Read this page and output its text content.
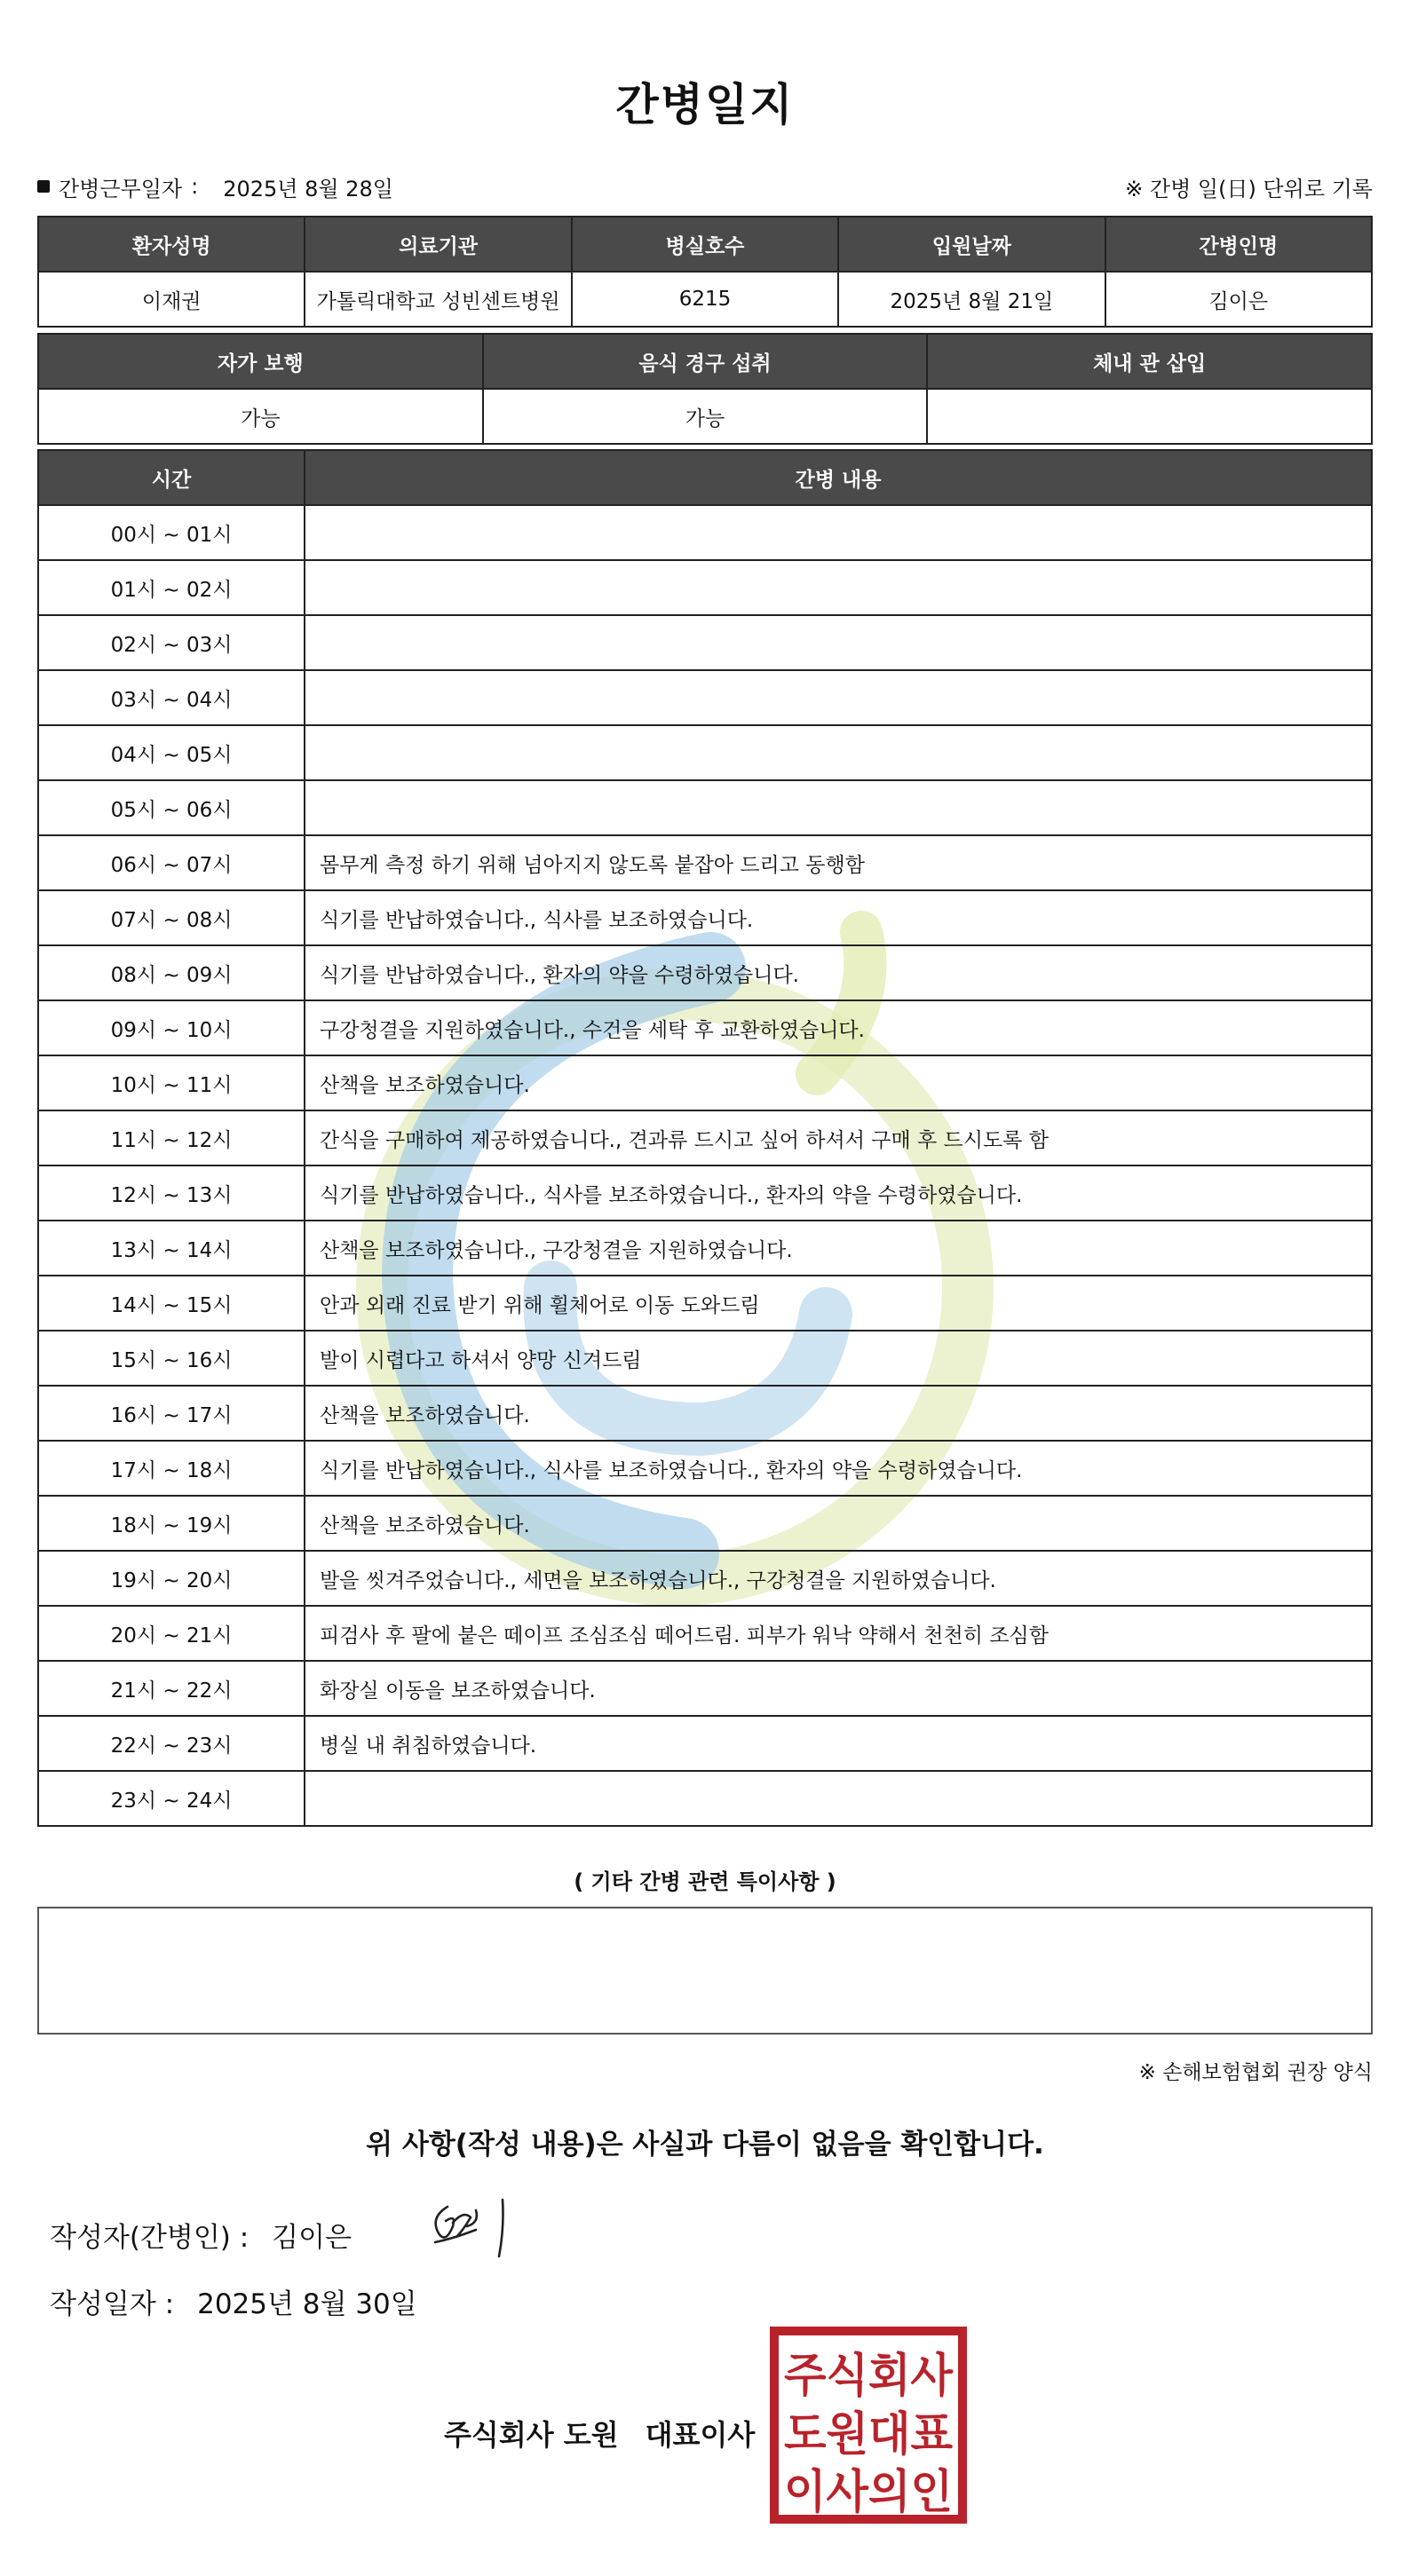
간병일지
간병근무일자 : 2025년 8월 28일	※ 간병 일(日) 단위로 기록
환자성명	의료기관	병실호수	입원날짜	간병인명
이재권	가톨릭대학교 성빈센트병원	6215	2025년 8월 21일	김이은
자가 보행	음식 경구 섭취	체내 관 삽입
가능	가능	
시간	간병 내용
00시 ~ 01시	
01시 ~ 02시	
02시 ~ 03시	
03시 ~ 04시	
04시 ~ 05시	
05시 ~ 06시	
06시 ~ 07시	몸무게 측정 하기 위해 넘아지지 않도록 붙잡아 드리고 동행함
07시 ~ 08시	식기를 반납하였습니다., 식사를 보조하였습니다.
08시 ~ 09시	식기를 반납하였습니다., 환자의 약을 수령하였습니다.
09시 ~ 10시	구강청결을 지원하였습니다., 수건을 세탁 후 교환하였습니다.
10시 ~ 11시	산책을 보조하였습니다.
11시 ~ 12시	간식을 구매하여 제공하였습니다., 견과류 드시고 싶어 하셔서 구매 후 드시도록 함
12시 ~ 13시	식기를 반납하였습니다., 식사를 보조하였습니다., 환자의 약을 수령하였습니다.
13시 ~ 14시	산책을 보조하였습니다., 구강청결을 지원하였습니다.
14시 ~ 15시	안과 외래 진료 받기 위해 휠체어로 이동 도와드림
15시 ~ 16시	발이 시렵다고 하셔서 양망 신겨드림
16시 ~ 17시	산책을 보조하였습니다.
17시 ~ 18시	식기를 반납하였습니다., 식사를 보조하였습니다., 환자의 약을 수령하였습니다.
18시 ~ 19시	산책을 보조하였습니다.
19시 ~ 20시	발을 씻겨주었습니다., 세면을 보조하였습니다., 구강청결을 지원하였습니다.
20시 ~ 21시	피검사 후 팔에 붙은 떼이프 조심조심 떼어드림. 피부가 워낙 약해서 천천히 조심함
21시 ~ 22시	화장실 이동을 보조하였습니다.
22시 ~ 23시	병실 내 취침하였습니다.
23시 ~ 24시	
( 기타 간병 관련 특이사항 )
※ 손해보험협회 권장 양식
위 사항(작성 내용)은 사실과 다름이 없음을 확인합니다.
작성자(간병인) : 김이은
작성일자 : 2025년 8월 30일
주식회사 도원 대표이사
주식회사
도원대표
이사의인
